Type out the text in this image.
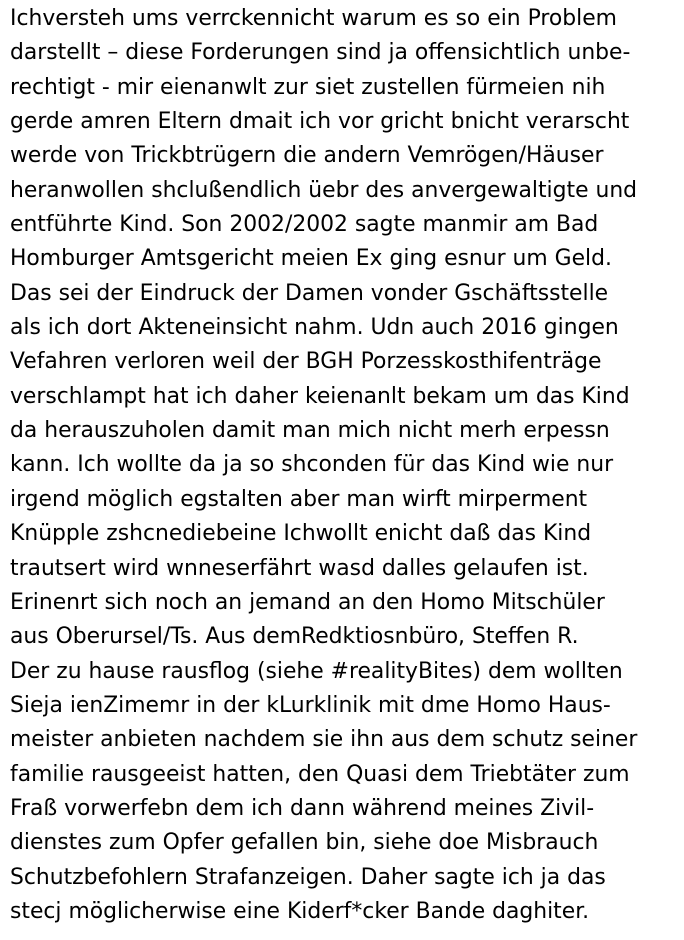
Ichversteh ums verrckennicht warum es so ein Problem
darstellt – diese Forderungen sind ja offensichtlich unbe-
rechtigt - mir eienanwlt zur siet zustellen fürmeien nih
gerde amren Eltern dmait ich vor gricht bnicht verarscht
werde von Trickbtrügern die andern Vemrögen/Häuser
heranwollen shclußendlich üebr des anvergewaltigte und
entführte Kind. Son 2002/2002 sagte manmir am Bad
Homburger Amtsgericht meien Ex ging esnur um Geld.
Das sei der Eindruck der Damen vonder Gschäftsstelle
als ich dort Akteneinsicht nahm. Udn auch 2016 gingen
Vefahren verloren weil der BGH Porzesskosthifenträge
verschlampt hat ich daher keienanlt bekam um das Kind
da herauszuholen damit man mich nicht merh erpessn
kann. Ich wollte da ja so shconden für das Kind wie nur
irgend möglich egstalten aber man wirft mirperment
Knüpple zshcnediebeine Ichwollt enicht daß das Kind
trautsert wird wnneserfährt wasd dalles gelaufen ist.
Erinenrt sich noch an jemand an den Homo Mitschüler
aus Oberursel/Ts. Aus demRedktiosnbüro, Steffen R.
Der zu hause rausflog (siehe #realityBites) dem wollten
Sieja ienZimemr in der kLurklinik mit dme Homo Haus-
meister anbieten nachdem sie ihn aus dem schutz seiner
familie rausgeeist hatten, den Quasi dem Triebtäter zum
Fraß vorwerfebn dem ich dann während meines Zivil-
dienstes zum Opfer gefallen bin, siehe doe Misbrauch
Schutzbefohlern Strafanzeigen. Daher sagte ich ja das
stecj möglicherwise eine Kiderf*cker Bande daghiter.
